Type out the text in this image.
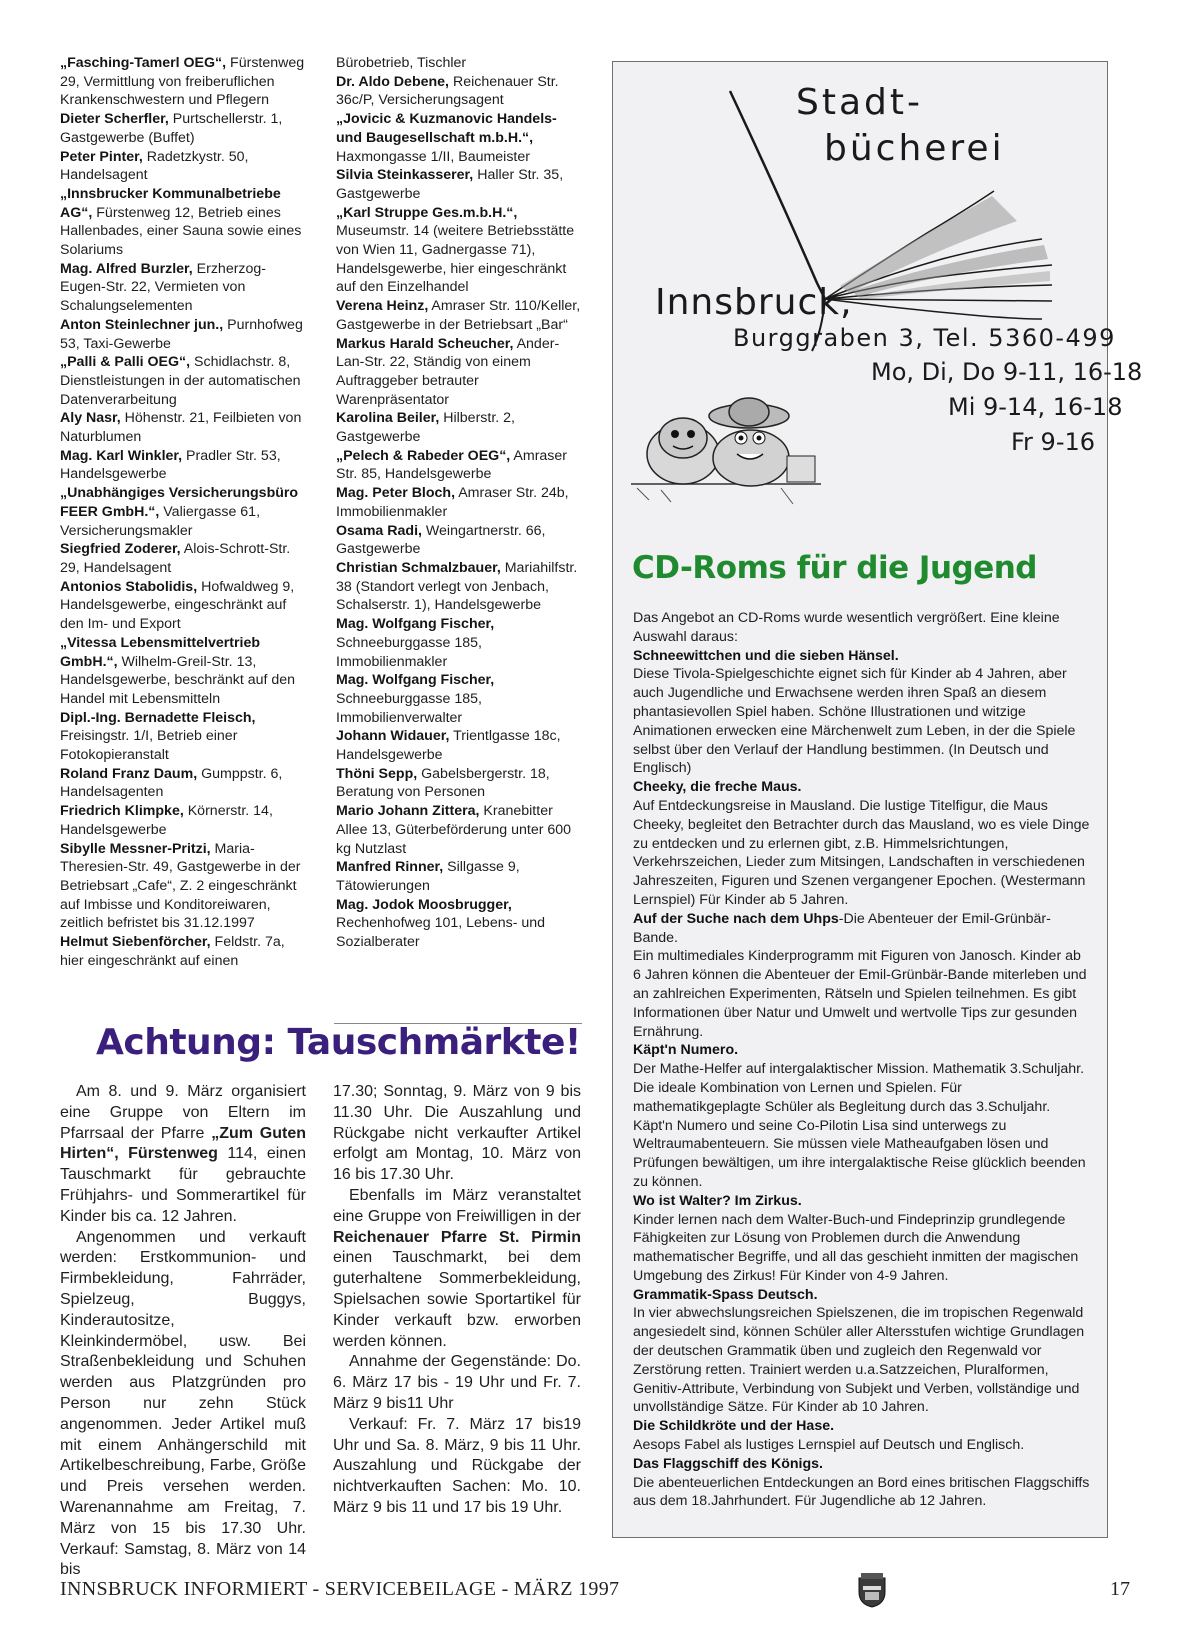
„Fasching-Tamerl OEG“, Fürstenweg 29, Vermittlung von freiberuflichen Krankenschwestern und Pflegern

Dieter Scherfler, Purtschellerstr. 1, Gastgewerbe (Buffet)

Peter Pinter, Radetzkystr. 50, Handelsagent

„Innsbrucker Kommunalbetriebe AG“, Fürstenweg 12, Betrieb eines Hallenbades, einer Sauna sowie eines Solariums

Mag. Alfred Burzler, Erzherzog-Eugen-Str. 22, Vermieten von Schalungselementen

Anton Steinlechner jun., Purnhofweg 53, Taxi-Gewerbe

„Palli & Palli OEG“, Schidlachstr. 8, Dienstleistungen in der automatischen Datenverarbeitung

Aly Nasr, Höhenstr. 21, Feilbieten von Naturblumen

Mag. Karl Winkler, Pradler Str. 53, Handelsgewerbe

„Unabhängiges Versicherungsbüro FEER GmbH.“, Valiergasse 61, Versicherungsmakler

Siegfried Zoderer, Alois-Schrott-Str. 29, Handelsagent

Antonios Stabolidis, Hofwaldweg 9, Handelsgewerbe, eingeschränkt auf den Im- und Export

„Vitessa Lebensmittelvertrieb GmbH.“, Wilhelm-Greil-Str. 13, Handelsgewerbe, beschränkt auf den Handel mit Lebensmitteln

Dipl.-Ing. Bernadette Fleisch, Freisingstr. 1/I, Betrieb einer Fotokopieranstalt

Roland Franz Daum, Gumppstr. 6, Handelsagenten

Friedrich Klimpke, Körnerstr. 14, Handelsgewerbe

Sibylle Messner-Pritzi, Maria-Theresien-Str. 49, Gastgewerbe in der Betriebsart „Cafe“, Z. 2 eingeschränkt auf Imbisse und Konditoreiwaren, zeitlich befristet bis 31.12.1997

Helmut Siebenförcher, Feldstr. 7a, hier eingeschränkt auf einen

Bürobetrieb, Tischler

Dr. Aldo Debene, Reichenauer Str. 36c/P, Versicherungsagent

„Jovicic & Kuzmanovic Handels- und Baugesellschaft m.b.H.“, Haxmongasse 1/II, Baumeister

Silvia Steinkasserer, Haller Str. 35, Gastgewerbe

„Karl Struppe Ges.m.b.H.“, Museumstr. 14 (weitere Betriebsstätte von Wien 11, Gadnergasse 71), Handelsgewerbe, hier eingeschränkt auf den Einzelhandel

Verena Heinz, Amraser Str. 110/Keller, Gastgewerbe in der Betriebsart „Bar“

Markus Harald Scheucher, Ander-Lan-Str. 22, Ständig von einem Auftraggeber betrauter Warenpräsentator

Karolina Beiler, Hilberstr. 2, Gastgewerbe

„Pelech & Rabeder OEG“, Amraser Str. 85, Handelsgewerbe

Mag. Peter Bloch, Amraser Str. 24b, Immobilienmakler

Osama Radi, Weingartnerstr. 66, Gastgewerbe

Christian Schmalzbauer, Mariahilfstr. 38 (Standort verlegt von Jenbach, Schalserstr. 1), Handelsgewerbe

Mag. Wolfgang Fischer, Schneeburggasse 185, Immobilienmakler

Mag. Wolfgang Fischer, Schneeburggasse 185, Immobilienverwalter

Johann Widauer, Trientlgasse 18c, Handelsgewerbe

Thöni Sepp, Gabelsbergerstr. 18, Beratung von Personen

Mario Johann Zittera, Kranebitter Allee 13, Güterbeförderung unter 600 kg Nutzlast

Manfred Rinner, Sillgasse 9, Tätowierungen

Mag. Jodok Moosbrugger, Rechenhofweg 101, Lebens- und Sozialberater

Achtung: Tauschmärkte!

Am 8. und 9. März organisiert eine Gruppe von Eltern im Pfarrsaal der Pfarre „Zum Guten Hirten“, Fürstenweg 114, einen Tauschmarkt für gebrauchte Frühjahrs- und Sommerartikel für Kinder bis ca. 12 Jahren.

Angenommen und verkauft werden: Erstkommunion- und Firmbekleidung, Fahrräder, Spielzeug, Buggys, Kinderautositze, Kleinkindermöbel, usw. Bei Straßenbekleidung und Schuhen werden aus Platzgründen pro Person nur zehn Stück angenommen. Jeder Artikel muß mit einem Anhängerschild mit Artikelbeschreibung, Farbe, Größe und Preis versehen werden. Warenannahme am Freitag, 7. März von 15 bis 17.30 Uhr. Verkauf: Samstag, 8. März von 14 bis

17.30; Sonntag, 9. März von 9 bis 11.30 Uhr. Die Auszahlung und Rückgabe nicht verkaufter Artikel erfolgt am Montag, 10. März von 16 bis 17.30 Uhr.

Ebenfalls im März veranstaltet eine Gruppe von Freiwilligen in der Reichenauer Pfarre St. Pirmin einen Tauschmarkt, bei dem guterhaltene Sommerbekleidung, Spielsachen sowie Sportartikel für Kinder verkauft bzw. erworben werden können.

Annahme der Gegenstände: Do. 6. März 17 bis - 19 Uhr und Fr. 7. März 9 bis11 Uhr

Verkauf: Fr. 7. März 17 bis19 Uhr und Sa. 8. März, 9 bis 11 Uhr. Auszahlung und Rückgabe der nichtverkauften Sachen: Mo. 10. März 9 bis 11 und 17 bis 19 Uhr.

Stadt-
bücherei
Innsbruck,
Burggraben 3, Tel. 5360-499
Mo, Di, Do 9-11, 16-18
Mi 9-14, 16-18
Fr 9-16
CD-Roms für die Jugend

Das Angebot an CD-Roms wurde wesentlich vergrößert. Eine kleine Auswahl daraus:

Schneewittchen und die sieben Hänsel.

Diese Tivola-Spielgeschichte eignet sich für Kinder ab 4 Jahren, aber auch Jugendliche und Erwachsene werden ihren Spaß an diesem phantasievollen Spiel haben. Schöne Illustrationen und witzige Animationen erwecken eine Märchenwelt zum Leben, in der die Spiele selbst über den Verlauf der Handlung bestimmen. (In Deutsch und Englisch)

Cheeky, die freche Maus.

Auf Entdeckungsreise in Mausland. Die lustige Titelfigur, die Maus Cheeky, begleitet den Betrachter durch das Mausland, wo es viele Dinge zu entdecken und zu erlernen gibt, z.B. Himmelsrichtungen, Verkehrszeichen, Lieder zum Mitsingen, Landschaften in verschiedenen Jahreszeiten, Figuren und Szenen vergangener Epochen. (Westermann Lernspiel) Für Kinder ab 5 Jahren.

Auf der Suche nach dem Uhps-Die Abenteuer der Emil-Grünbär-Bande.

Ein multimediales Kinderprogramm mit Figuren von Janosch. Kinder ab 6 Jahren können die Abenteuer der Emil-Grünbär-Bande miterleben und an zahlreichen Experimenten, Rätseln und Spielen teilnehmen. Es gibt Informationen über Natur und Umwelt und wertvolle Tips zur gesunden Ernährung.

Käpt'n Numero.

Der Mathe-Helfer auf intergalaktischer Mission. Mathematik 3.Schuljahr. Die ideale Kombination von Lernen und Spielen. Für mathematikgeplagte Schüler als Begleitung durch das 3.Schuljahr. Käpt'n Numero und seine Co-Pilotin Lisa sind unterwegs zu Weltraumabenteuern. Sie müssen viele Matheaufgaben lösen und Prüfungen bewältigen, um ihre intergalaktische Reise glücklich beenden zu können.

Wo ist Walter? Im Zirkus.

Kinder lernen nach dem Walter-Buch-und Findeprinzip grundlegende Fähigkeiten zur Lösung von Problemen durch die Anwendung mathematischer Begriffe, und all das geschieht inmitten der magischen Umgebung des Zirkus! Für Kinder von 4-9 Jahren.

Grammatik-Spass Deutsch.

In vier abwechslungsreichen Spielszenen, die im tropischen Regenwald angesiedelt sind, können Schüler aller Altersstufen wichtige Grundlagen der deutschen Grammatik üben und zugleich den Regenwald vor Zerstörung retten. Trainiert werden u.a.Satzzeichen, Pluralformen, Genitiv-Attribute, Verbindung von Subjekt und Verben, vollständige und unvollständige Sätze. Für Kinder ab 10 Jahren.

Die Schildkröte und der Hase.

Aesops Fabel als lustiges Lernspiel auf Deutsch und Englisch.

Das Flaggschiff des Königs.

Die abenteuerlichen Entdeckungen an Bord eines britischen Flaggschiffs aus dem 18.Jahrhundert. Für Jugendliche ab 12 Jahren.

INNSBRUCK INFORMIERT - SERVICEBEILAGE - MÄRZ 1997	17
